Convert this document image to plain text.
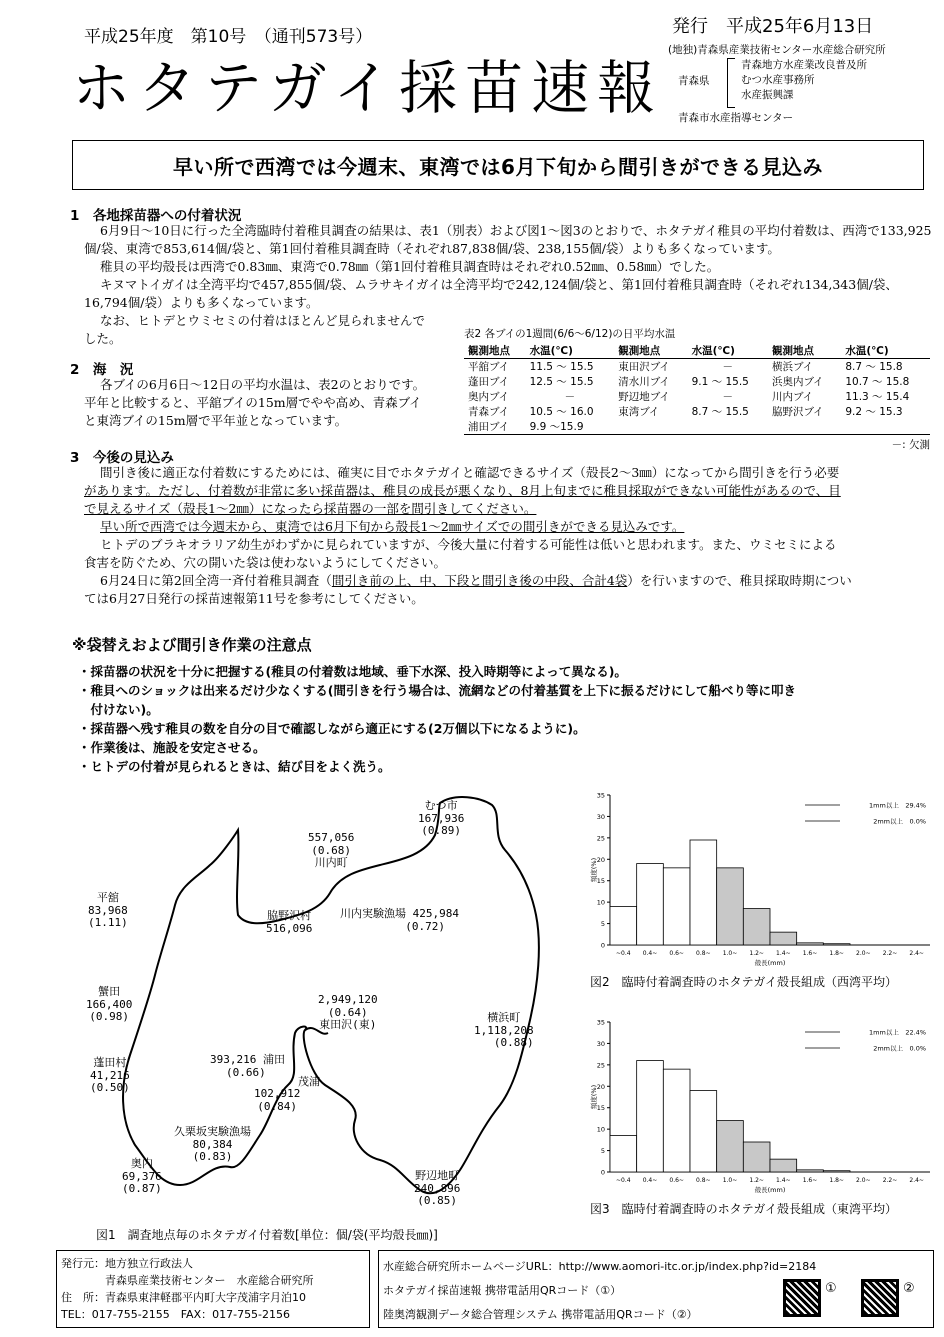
平成25年度　第10号　（通刊573号）	発行　平成25年6月13日
ホタテガイ採苗速報
(地独)青森県産業技術センター水産総合研究所
青森県
青森地方水産業改良普及所
むつ水産事務所
水産振興課
青森市水産指導センター
早い所で西湾では今週末、東湾では6月下旬から間引きができる見込み
1　各地採苗器への付着状況
6月9日～10日に行った全湾臨時付着稚貝調査の結果は、表1（別表）および図1～図3のとおりで、ホタテガイ稚貝の平均付着数は、西湾で133,925個/袋、東湾で853,614個/袋と、第1回付着稚貝調査時（それぞれ87,838個/袋、238,155個/袋）よりも多くなっています。
稚貝の平均殻長は西湾で0.83㎜、東湾で0.78㎜（第1回付着稚貝調査時はそれぞれ0.52㎜、0.58㎜）でした。
キヌマトイガイは全湾平均で457,855個/袋、ムラサキイガイは全湾平均で242,124個/袋と、第1回付着稚貝調査時（それぞれ134,343個/袋、16,794個/袋）よりも多くなっています。
なお、ヒトデとウミセミの付着はほとんど見られませんで
した。
2　海　況
各ブイの6月6日～12日の平均水温は、表2のとおりです。
平年と比較すると、平舘ブイの15m層でやや高め、青森ブイ
と東湾ブイの15m層で平年並となっています。
表2 各ブイの1週間(6/6～6/12)の日平均水温
観測地点	水温(℃)	観測地点	水温(℃)	観測地点	水温(℃)
平舘ブイ	11.5 ～ 15.5	東田沢ブイ	－	横浜ブイ	8.7 ～ 15.8
蓬田ブイ	12.5 ～ 15.5	清水川ブイ	9.1 ～ 15.5	浜奥内ブイ	10.7 ～ 15.8
奥内ブイ	－	野辺地ブイ	－	川内ブイ	11.3 ～ 15.4
青森ブイ	10.5 ～ 16.0	東湾ブイ	8.7 ～ 15.5	脇野沢ブイ	9.2 ～ 15.3
浦田ブイ	9.9 ～15.9				
－: 欠測
3　今後の見込み
間引き後に適正な付着数にするためには、確実に目でホタテガイと確認できるサイズ（殻長2～3㎜）になってから間引きを行う必要
があります。ただし、付着数が非常に多い採苗器は、稚貝の成長が悪くなり、8月上旬までに稚貝採取ができない可能性があるので、目
で見えるサイズ（殻長1～2㎜）になったら採苗器の一部を間引きしてください。
早い所で西湾では今週末から、東湾では6月下旬から殻長1～2㎜サイズでの間引きができる見込みです。
ヒトデのブラキオラリア幼生がわずかに見られていますが、今後大量に付着する可能性は低いと思われます。また、ウミセミによる
食害を防ぐため、穴の開いた袋は使わないようにしてください。
6月24日に第2回全湾一斉付着稚貝調査（間引き前の上、中、下段と間引き後の中段、合計4袋）を行いますので、稚貝採取時期につい
ては6月27日発行の採苗速報第11号を参考にしてください。
※袋替えおよび間引き作業の注意点
・採苗器の状況を十分に把握する(稚貝の付着数は地域、垂下水深、投入時期等によって異なる)。
・稚貝へのショックは出来るだけ少なくする(間引きを行う場合は、流網などの付着基質を上下に振るだけにして船べり等に叩き
　付けない)。
・採苗器へ残す稚貝の数を自分の目で確認しながら適正にする(2万個以下になるように)。
・作業後は、施設を安定させる。
・ヒトデの付着が見られるときは、結び目をよく洗う。
むつ市
167,936
(0.89)
557,056
(0.68)
川内町
平舘
83,968
(1.11)
脇野沢村
516,096
川内実験漁場 425,984
(0.72)
蟹田
166,400
(0.98)
2,949,120
(0.64)
東田沢(東)
横浜町
1,118,208
(0.88)
蓬田村
41,216
(0.50)
393,216 浦田
(0.66)
茂浦
102,912
(0.84)
久栗坂実験漁場
80,384
(0.83)
奥内
69,376
(0.87)
野辺地町
240,896
(0.85)
図1　調査地点毎のホタテガイ付着数[単位：個/袋(平均殻長㎜)]
0
5
10
15
20
25
30
35
~0.4 0.4~ 0.6~ 0.8~ 1.0~ 1.2~ 1.4~ 1.6~ 1.8~ 2.0~ 2.2~ 2.4~
頻度(%)
殻長(mm)
1mm以上　29.4%
2mm以上　0.0%
図2　臨時付着調査時のホタテガイ殻長組成（西湾平均）
0
5
10
15
20
25
30
35
~0.4 0.4~ 0.6~ 0.8~ 1.0~ 1.2~ 1.4~ 1.6~ 1.8~ 2.0~ 2.2~ 2.4~
頻度(%)
殻長(mm)
1mm以上　22.4%
2mm以上　0.0%
図3　臨時付着調査時のホタテガイ殻長組成（東湾平均）
発行元：地方独立行政法人
青森県産業技術センター　水産総合研究所
住　所：青森県東津軽郡平内町大字茂浦字月泊10
TEL：017-755-2155　FAX：017-755-2156
水産総合研究所ホームページURL：http://www.aomori-itc.or.jp/index.php?id=2184
ホタテガイ採苗速報 携帯電話用QRコード（①）
陸奥湾観測データ総合管理システム 携帯電話用QRコード（②）
①	②
